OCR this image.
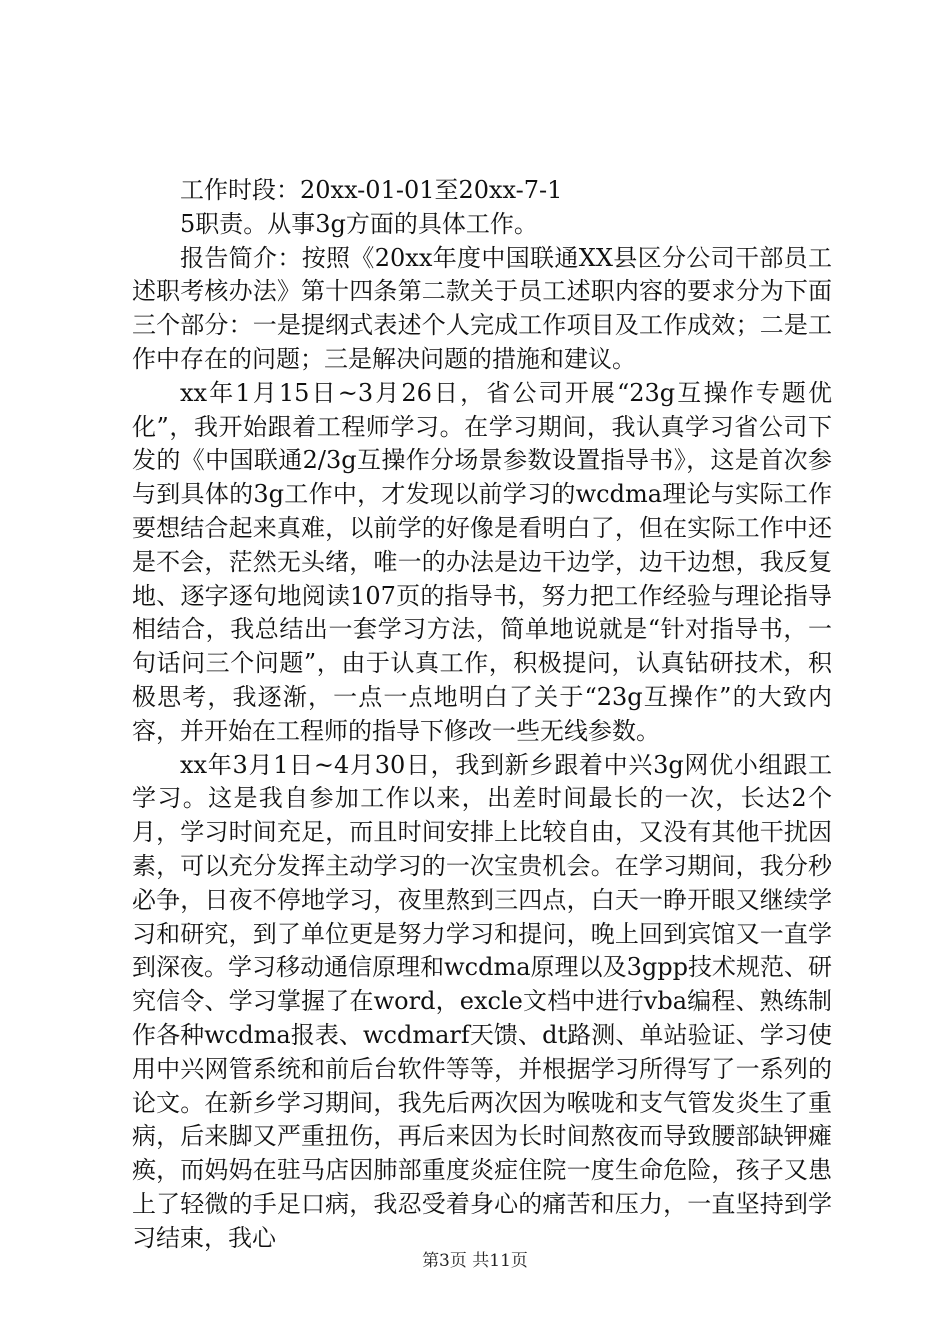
工作时段：20xx-01-01至20xx-7-1

5职责。从事3g方面的具体工作。

报告简介：按照《20xx年度中国联通XX县区分公司干部员工述职考核办法》第十四条第二款关于员工述职内容的要求分为下面三个部分：一是提纲式表述个人完成工作项目及工作成效；二是工作中存在的问题；三是解决问题的措施和建议。

xx年1月15日~3月26日，省公司开展“23g互操作专题优化”，我开始跟着工程师学习。在学习期间，我认真学习省公司下发的《中国联通2/3g互操作分场景参数设置指导书》，这是首次参与到具体的3g工作中，才发现以前学习的wcdma理论与实际工作要想结合起来真难，以前学的好像是看明白了，但在实际工作中还是不会，茫然无头绪，唯一的办法是边干边学，边干边想，我反复地、逐字逐句地阅读107页的指导书，努力把工作经验与理论指导相结合，我总结出一套学习方法，简单地说就是“针对指导书，一句话问三个问题”，由于认真工作，积极提问，认真钻研技术，积极思考，我逐渐，一点一点地明白了关于“23g互操作”的大致内容，并开始在工程师的指导下修改一些无线参数。

xx年3月1日~4月30日，我到新乡跟着中兴3g网优小组跟工学习。这是我自参加工作以来，出差时间最长的一次，长达2个月，学习时间充足，而且时间安排上比较自由，又没有其他干扰因素，可以充分发挥主动学习的一次宝贵机会。在学习期间，我分秒必争，日夜不停地学习，夜里熬到三四点，白天一睁开眼又继续学习和研究，到了单位更是努力学习和提问，晚上回到宾馆又一直学到深夜。学习移动通信原理和wcdma原理以及3gpp技术规范、研究信令、学习掌握了在word，excle文档中进行vba编程、熟练制作各种wcdma报表、wcdmarf天馈、dt路测、单站验证、学习使用中兴网管系统和前后台软件等等，并根据学习所得写了一系列的论文。在新乡学习期间，我先后两次因为喉咙和支气管发炎生了重病，后来脚又严重扭伤，再后来因为长时间熬夜而导致腰部缺钾瘫痪，而妈妈在驻马店因肺部重度炎症住院一度生命危险，孩子又患上了轻微的手足口病，我忍受着身心的痛苦和压力，一直坚持到学习结束，我心

第3页 共11页
